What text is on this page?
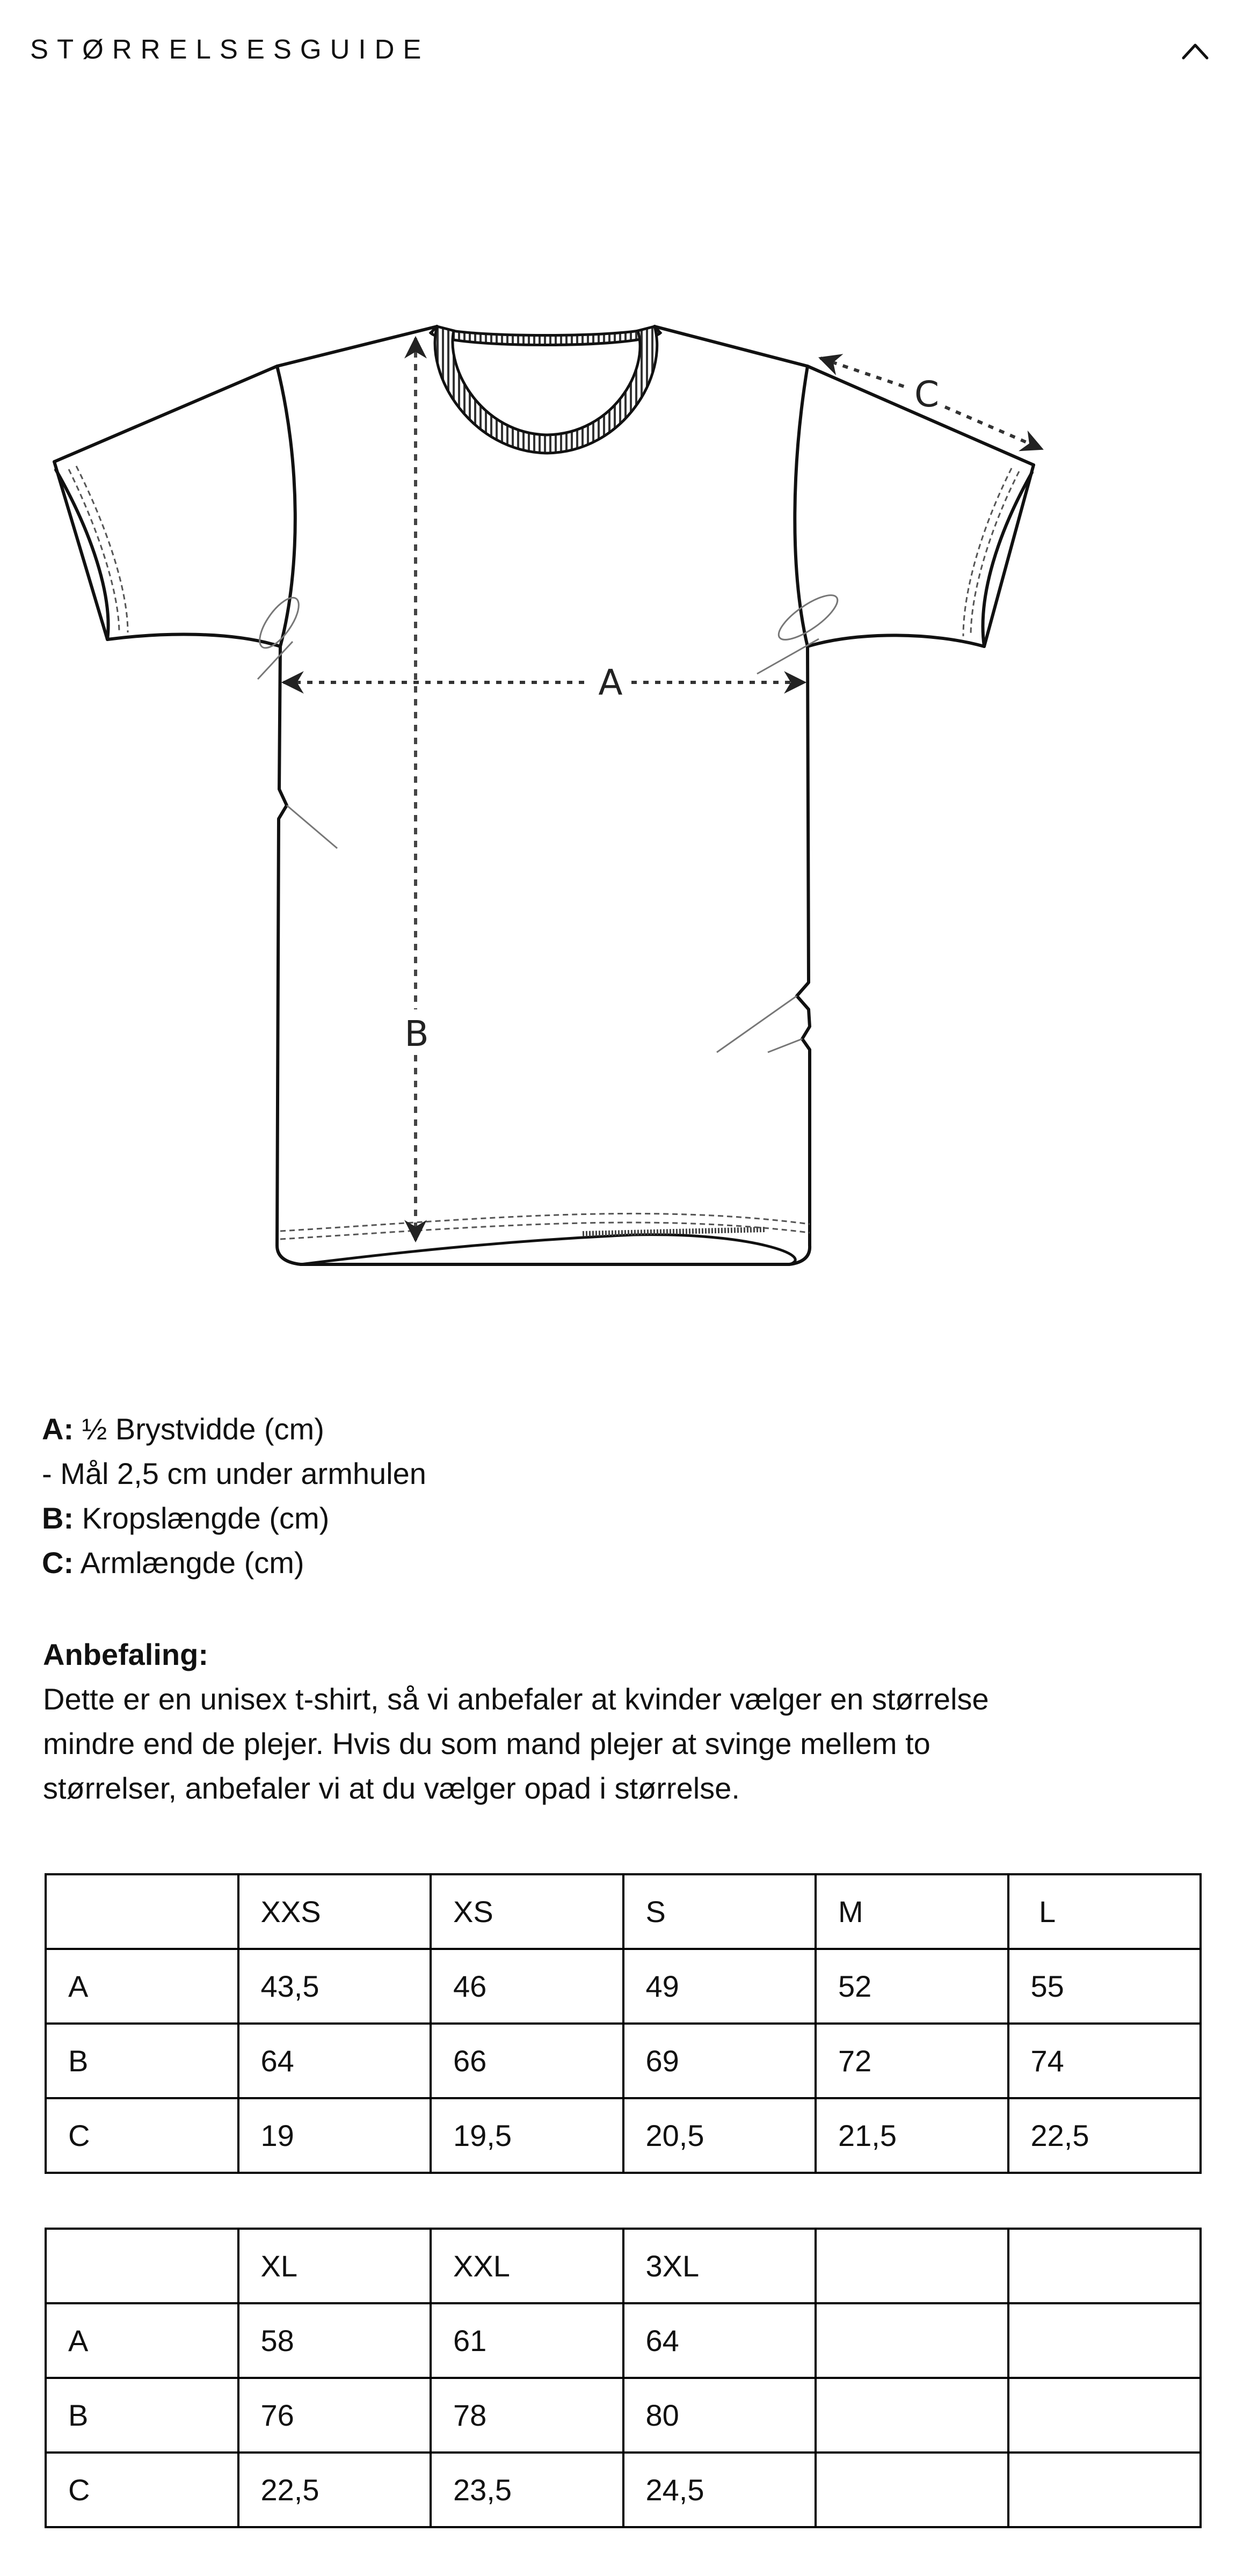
STØRRELSESGUIDE
A
B
C
A: ½ Brystvidde (cm)
- Mål 2,5 cm under armhulen
B: Kropslængde (cm)
C: Armlængde (cm)
Anbefaling:
Dette er en unisex t-shirt, så vi anbefaler at kvinder vælger en størrelse
mindre end de plejer. Hvis du som mand plejer at svinge mellem to
størrelser, anbefaler vi at du vælger opad i størrelse.
	XXS	XS	S	M	L
A	43,5	46	49	52	55
B	64	66	69	72	74
C	19	19,5	20,5	21,5	22,5
	XL	XXL	3XL		
A	58	61	64		
B	76	78	80		
C	22,5	23,5	24,5		
